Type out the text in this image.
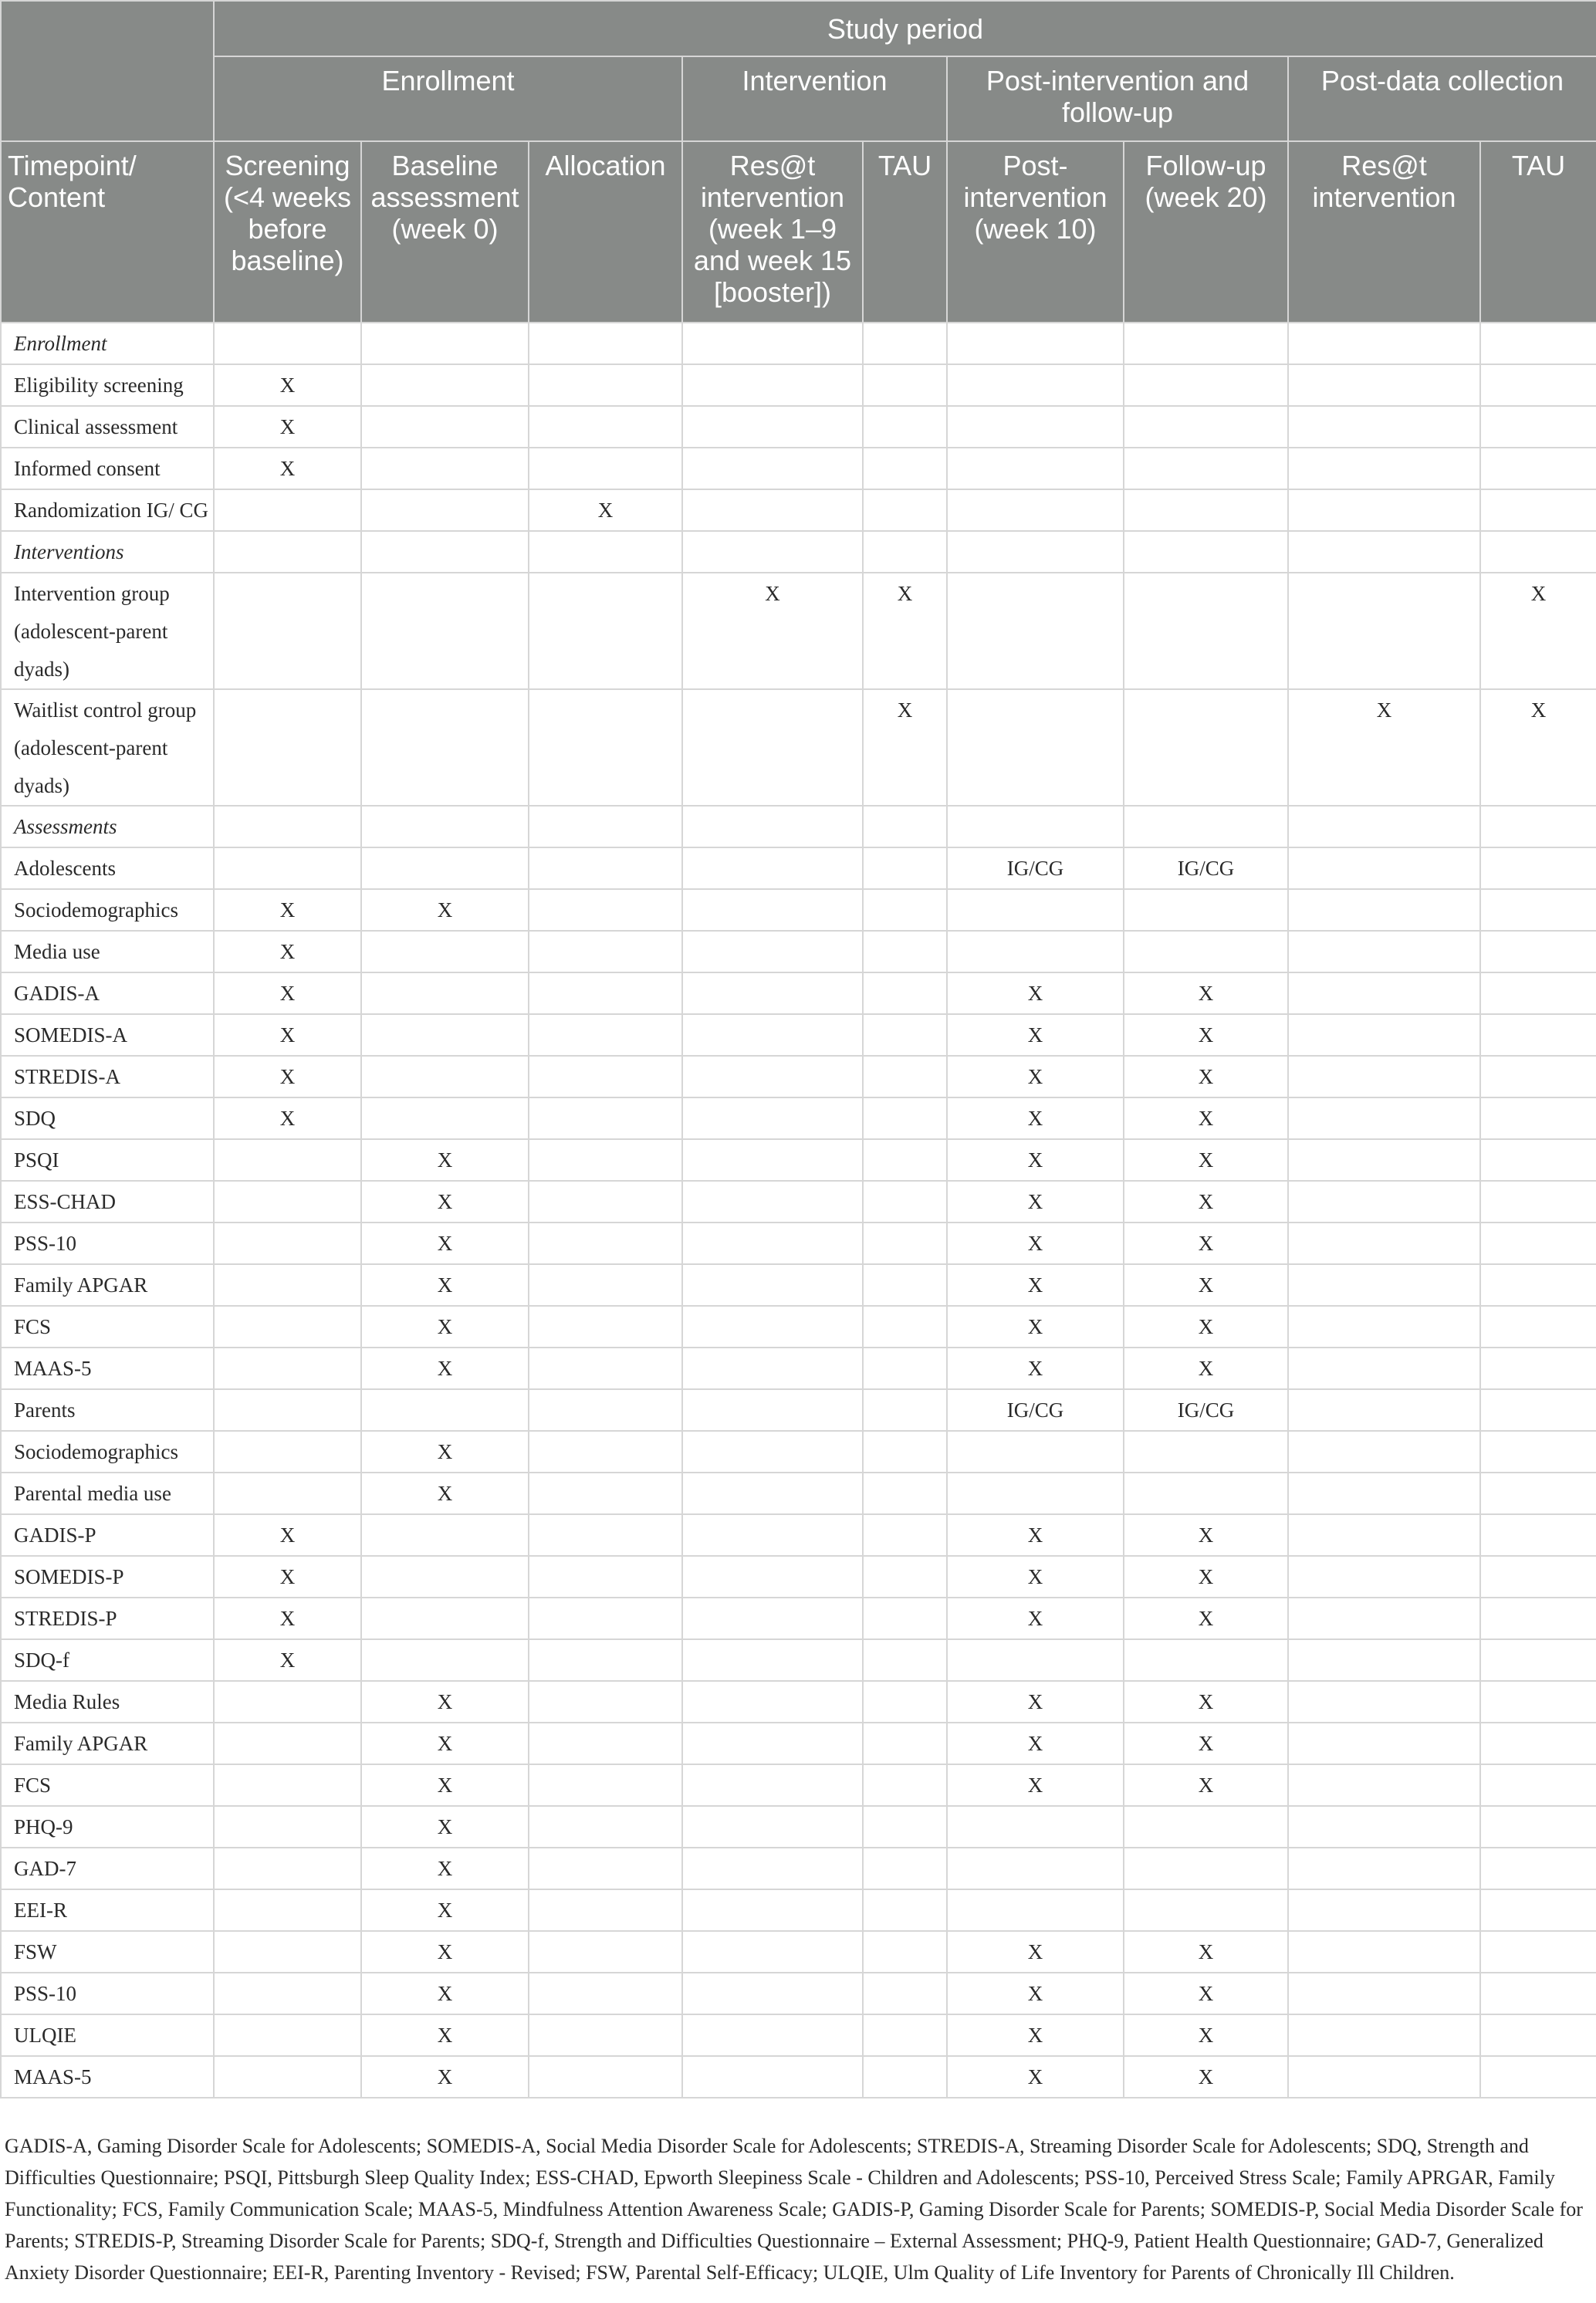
	Study period								
	Enrollment			Intervention		Post-intervention and follow-up		Post-data collection	
Timepoint/ Content	Screening (<4 weeks before baseline)	Baseline assessment (week 0)	Allocation	Res@t intervention (week 1–9 and week 15 [booster])	TAU	Post-intervention (week 10)	Follow-up (week 20)	Res@t intervention	TAU
Enrollment									
Eligibility screening	X								
Clinical assessment	X								
Informed consent	X								
Randomization IG/ CG			X						
Interventions									
Intervention group (adolescent-parent dyads)				X	X				X
Waitlist control group (adolescent-parent dyads)					X			X	X
Assessments									
Adolescents						IG/CG	IG/CG		
Sociodemographics	X	X							
Media use	X								
GADIS-A	X					X	X		
SOMEDIS-A	X					X	X		
STREDIS-A	X					X	X		
SDQ	X					X	X		
PSQI		X				X	X		
ESS-CHAD		X				X	X		
PSS-10		X				X	X		
Family APGAR		X				X	X		
FCS		X				X	X		
MAAS-5		X				X	X		
Parents						IG/CG	IG/CG		
Sociodemographics		X							
Parental media use		X							
GADIS-P	X					X	X		
SOMEDIS-P	X					X	X		
STREDIS-P	X					X	X		
SDQ-f	X								
Media Rules		X				X	X		
Family APGAR		X				X	X		
FCS		X				X	X		
PHQ-9		X							
GAD-7		X							
EEI-R		X							
FSW		X				X	X		
PSS-10		X				X	X		
ULQIE		X				X	X		
MAAS-5		X				X	X		
GADIS-A, Gaming Disorder Scale for Adolescents; SOMEDIS-A, Social Media Disorder Scale for Adolescents; STREDIS-A, Streaming Disorder Scale for Adolescents; SDQ, Strength and Difficulties Questionnaire; PSQI, Pittsburgh Sleep Quality Index; ESS-CHAD, Epworth Sleepiness Scale - Children and Adolescents; PSS-10, Perceived Stress Scale; Family APRGAR, Family Functionality; FCS, Family Communication Scale; MAAS-5, Mindfulness Attention Awareness Scale; GADIS-P, Gaming Disorder Scale for Parents; SOMEDIS-P, Social Media Disorder Scale for Parents; STREDIS-P, Streaming Disorder Scale for Parents; SDQ-f, Strength and Difficulties Questionnaire – External Assessment; PHQ-9, Patient Health Questionnaire; GAD-7, Generalized Anxiety Disorder Questionnaire; EEI-R, Parenting Inventory - Revised; FSW, Parental Self-Efficacy; ULQIE, Ulm Quality of Life Inventory for Parents of Chronically Ill Children.
